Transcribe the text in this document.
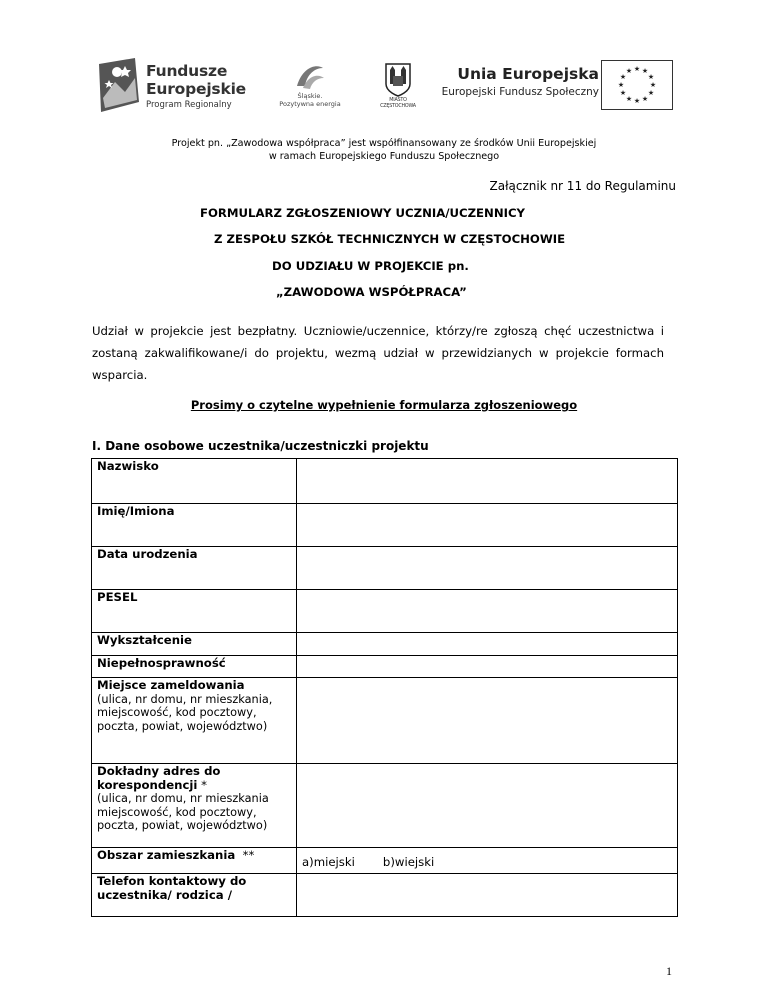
Fundusze
Europejskie
Program Regionalny
Śląskie.
Pozytywna energia	MIASTO
CZĘSTOCHOWA
Unia Europejska
Europejski Fundusz Społeczny
★ ★
★
★
★
★
★
★
★
★
★
★
Projekt pn. „Zawodowa współpraca” jest współfinansowany ze środków Unii Europejskiej
w ramach Europejskiego Funduszu Społecznego
Załącznik nr 11 do Regulaminu
FORMULARZ ZGŁOSZENIOWY UCZNIA/UCZENNICY
Z ZESPOŁU SZKÓŁ TECHNICZNYCH W CZĘSTOCHOWIE
DO UDZIAŁU W PROJEKCIE pn.
„ZAWODOWA WSPÓŁPRACA”

Udział w projekcie jest bezpłatny. Uczniowie/uczennice, którzy/re zgłoszą chęć uczestnictwa i zostaną zakwalifikowane/i do projektu, wezmą udział w przewidzianych w projekcie formach wsparcia.

Prosimy o czytelne wypełnienie formularza zgłoszeniowego
I. Dane osobowe uczestnika/uczestniczki projektu
Nazwisko	

Imię/Imiona	

Data urodzenia	

PESEL	

Wykształcenie	

Niepełnosprawność	

Miejsce zameldowania
(ulica, nr domu, nr mieszkania, miejscowość, kod pocztowy, poczta, powiat, województwo)	

Dokładny adres do korespondencji *
(ulica, nr domu, nr mieszkania miejscowość, kod pocztowy, poczta, powiat, województwo)	

Obszar zamieszkania  **	a)miejski b)wiejski

Telefon kontaktowy do uczestnika/ rodzica /	

1
